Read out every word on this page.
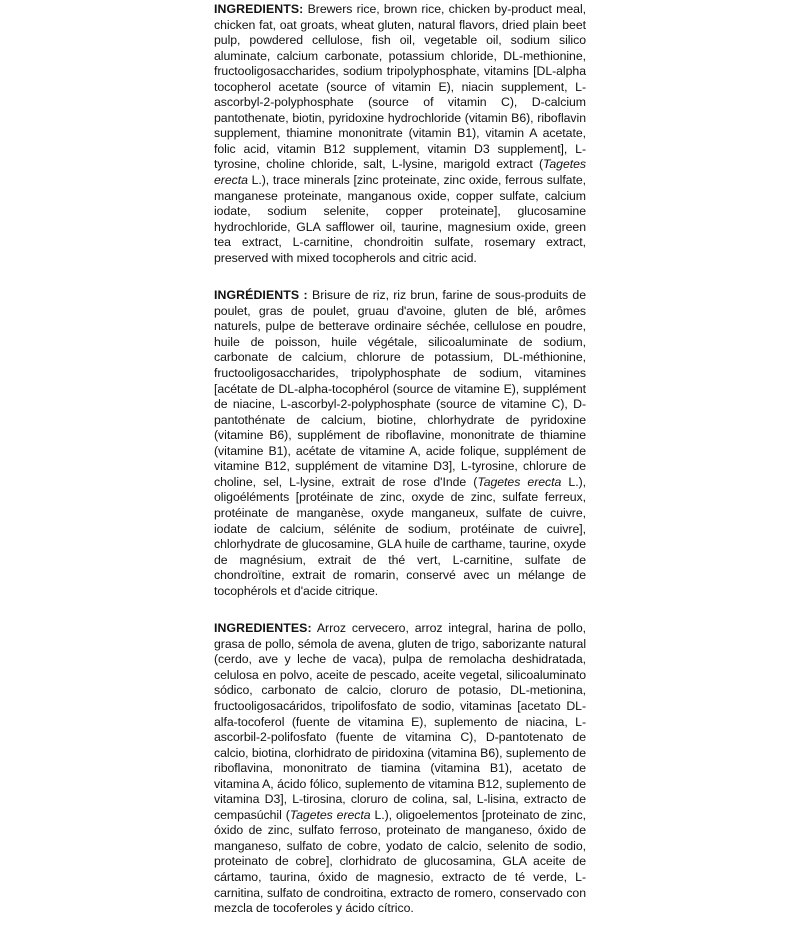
INGREDIENTS: Brewers rice, brown rice, chicken by-product meal, chicken fat, oat groats, wheat gluten, natural flavors, dried plain beet pulp, powdered cellulose, fish oil, vegetable oil, sodium silico aluminate, calcium carbonate, potassium chloride, DL-methionine, fructooligosaccharides, sodium tripolyphosphate, vitamins [DL-alpha tocopherol acetate (source of vitamin E), niacin supplement, L-ascorbyl-2-polyphosphate (source of vitamin C), D-calcium pantothenate, biotin, pyridoxine hydrochloride (vitamin B6), riboflavin supplement, thiamine mononitrate (vitamin B1), vitamin A acetate, folic acid, vitamin B12 supplement, vitamin D3 supplement], L-tyrosine, choline chloride, salt, L-lysine, marigold extract (Tagetes erecta L.), trace minerals [zinc proteinate, zinc oxide, ferrous sulfate, manganese proteinate, manganous oxide, copper sulfate, calcium iodate, sodium selenite, copper proteinate], glucosamine hydrochloride, GLA safflower oil, taurine, magnesium oxide, green tea extract, L-carnitine, chondroitin sulfate, rosemary extract, preserved with mixed tocopherols and citric acid.

INGRÉDIENTS : Brisure de riz, riz brun, farine de sous-produits de poulet, gras de poulet, gruau d'avoine, gluten de blé, arômes naturels, pulpe de betterave ordinaire séchée, cellulose en poudre, huile de poisson, huile végétale, silicoaluminate de sodium, carbonate de calcium, chlorure de potassium, DL-méthionine, fructooligosaccharides, tripolyphosphate de sodium, vitamines [acétate de DL-alpha-tocophérol (source de vitamine E), supplément de niacine, L-ascorbyl-2-polyphosphate (source de vitamine C), D-pantothénate de calcium, biotine, chlorhydrate de pyridoxine (vitamine B6), supplément de riboflavine, mononitrate de thiamine (vitamine B1), acétate de vitamine A, acide folique, supplément de vitamine B12, supplément de vitamine D3], L-tyrosine, chlorure de choline, sel, L-lysine, extrait de rose d'Inde (Tagetes erecta L.), oligoéléments [protéinate de zinc, oxyde de zinc, sulfate ferreux, protéinate de manganèse, oxyde manganeux, sulfate de cuivre, iodate de calcium, sélénite de sodium, protéinate de cuivre], chlorhydrate de glucosamine, GLA huile de carthame, taurine, oxyde de magnésium, extrait de thé vert, L-carnitine, sulfate de chondroïtine, extrait de romarin, conservé avec un mélange de tocophérols et d'acide citrique.

INGREDIENTES: Arroz cervecero, arroz integral, harina de pollo, grasa de pollo, sémola de avena, gluten de trigo, saborizante natural (cerdo, ave y leche de vaca), pulpa de remolacha deshidratada, celulosa en polvo, aceite de pescado, aceite vegetal, silicoaluminato sódico, carbonato de calcio, cloruro de potasio, DL-metionina, fructooligosacáridos, tripolifosfato de sodio, vitaminas [acetato DL-alfa-tocoferol (fuente de vitamina E), suplemento de niacina, L-ascorbil-2-polifosfato (fuente de vitamina C), D-pantotenato de calcio, biotina, clorhidrato de piridoxina (vitamina B6), suplemento de riboflavina, mononitrato de tiamina (vitamina B1), acetato de vitamina A, ácido fólico, suplemento de vitamina B12, suplemento de vitamina D3], L-tirosina, cloruro de colina, sal, L-lisina, extracto de cempasúchil (Tagetes erecta L.), oligoelementos [proteinato de zinc, óxido de zinc, sulfato ferroso, proteinato de manganeso, óxido de manganeso, sulfato de cobre, yodato de calcio, selenito de sodio, proteinato de cobre], clorhidrato de glucosamina, GLA aceite de cártamo, taurina, óxido de magnesio, extracto de té verde, L-carnitina, sulfato de condroitina, extracto de romero, conservado con mezcla de tocoferoles y ácido cítrico.
